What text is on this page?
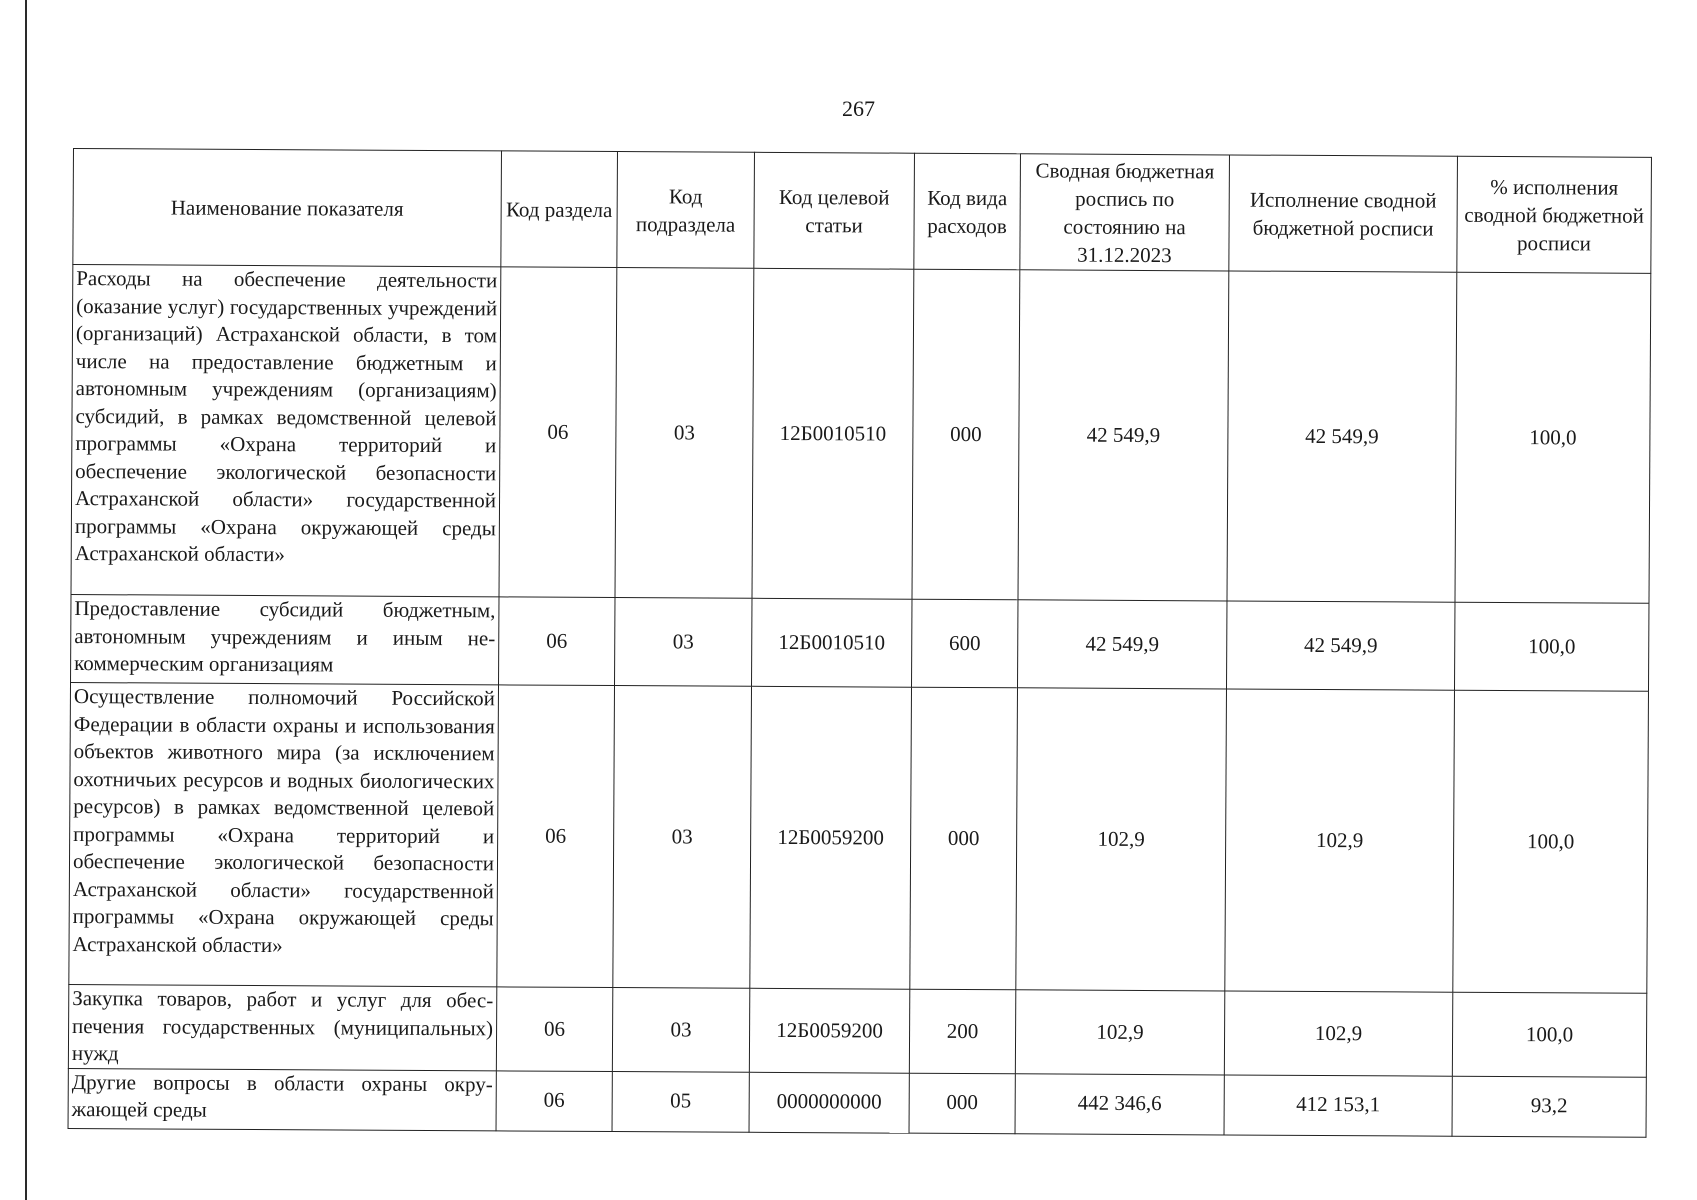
267
Наименование показателя	Код раздела	Код подраздела	Код целевой статьи	Код вида расходов	Сводная бюджетная роспись по состоянию на 31.12.2023	Исполнение сводной бюджетной росписи	% исполнения сводной бюджетной росписи
Расходы на обеспечение деятельности (оказание услуг) государственных учреждений (организаций) Астраханской области, в том числе на предоставление бюджетным и автономным учреждениям (организациям) субсидий, в рамках ведомственной целевой программы «Охрана территорий и обеспечение экологической безопасности Астраханской области» государственной программы «Охрана окружающей среды Астраханской области»	06	03	12Б0010510	000	42 549,9	42 549,9	100,0
Предоставление субсидий бюджетным, автономным учреждениям и иным некоммерческим организациям	06	03	12Б0010510	600	42 549,9	42 549,9	100,0
Осуществление полномочий Российской Федерации в области охраны и использования объектов животного мира (за исключением охотничьих ресурсов и водных биологических ресурсов) в рамках ведомственной целевой программы «Охрана территорий и обеспечение экологической безопасности Астраханской области» государственной программы «Охрана окружающей среды Астраханской области»	06	03	12Б0059200	000	102,9	102,9	100,0
Закупка товаров, работ и услуг для обеспечения государственных (муниципальных) нужд	06	03	12Б0059200	200	102,9	102,9	100,0
Другие вопросы в области охраны окружающей среды	06	05	0000000000	000	442 346,6	412 153,1	93,2
